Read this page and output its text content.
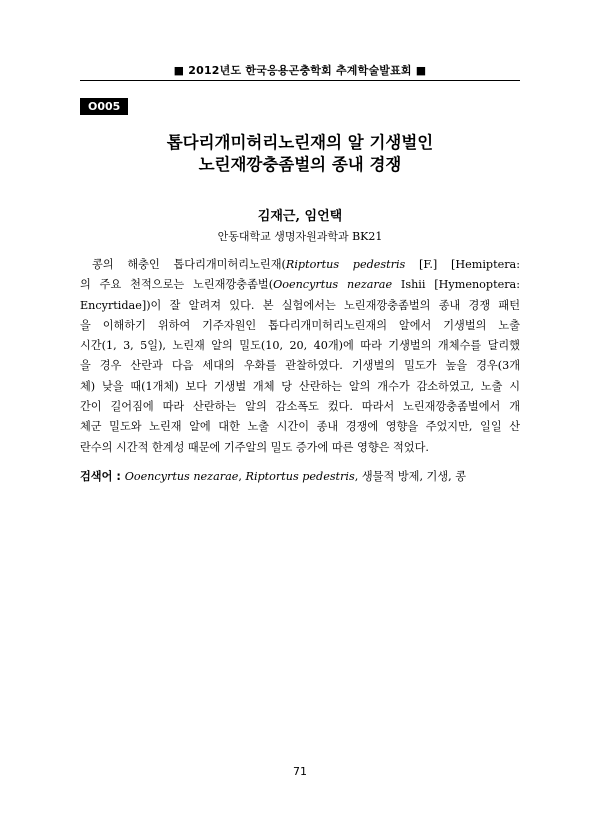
■ 2012년도 한국응용곤충학회 추계학술발표회 ■
O005
톱다리개미허리노린재의 알 기생벌인
노린재깡충좀벌의 종내 경쟁
김재근, 임언택
안동대학교 생명자원과학과 BK21
콩의 해충인 톱다리개미허리노린재(Riptortus pedestris [F.] [Hemiptera:
의 주요 천적으로는 노린재깡충좀벌(Ooencyrtus nezarae Ishii [Hymenoptera:
Encyrtidae])이 잘 알려져 있다. 본 실험에서는 노린재깡충좀벌의 종내 경쟁 패턴
을 이해하기 위하여 기주자원인 톱다리개미허리노린재의 알에서 기생벌의 노출
시간(1, 3, 5일), 노린재 알의 밀도(10, 20, 40개)에 따라 기생벌의 개체수를 달리했
을 경우 산란과 다음 세대의 우화를 관찰하였다. 기생벌의 밀도가 높을 경우(3개
체) 낮을 때(1개체) 보다 기생벌 개체 당 산란하는 알의 개수가 감소하였고, 노출 시
간이 길어짐에 따라 산란하는 알의 감소폭도 컸다. 따라서 노린재깡충좀벌에서 개
체군 밀도와 노린재 알에 대한 노출 시간이 종내 경쟁에 영향을 주었지만, 일일 산
란수의 시간적 한계성 때문에 기주알의 밀도 증가에 따른 영향은 적었다.
검색어 : Ooencyrtus nezarae, Riptortus pedestris, 생물적 방제, 기생, 콩
71
